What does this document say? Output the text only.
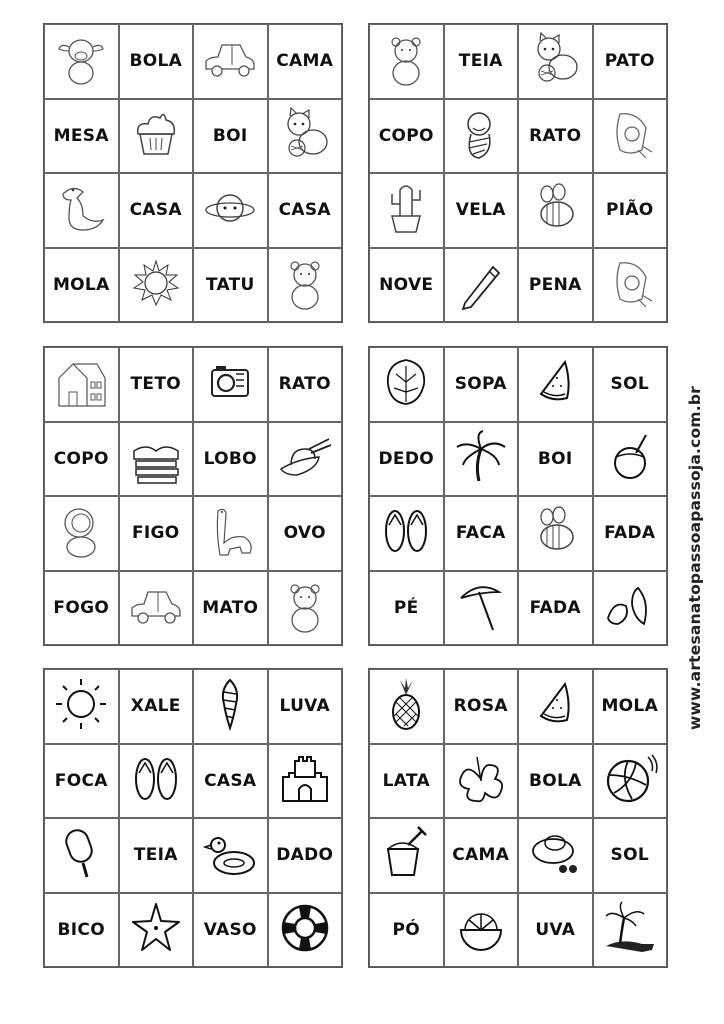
BOLA	CAMA
MESA	BOI
CASA	CASA
MOLA	TATU
TEIA	PATO
COPO	RATO
VELA	PIÃO
NOVE	PENA
TETO	RATO
COPO	LOBO
FIGO	OVO
FOGO	MATO
SOPA	SOL
DEDO	BOI
FACA	FADA
PÉ	FADA
XALE	LUVA
FOCA	CASA
TEIA	DADO
BICO	VASO
ROSA	MOLA
LATA	BOLA
CAMA	SOL
PÓ	UVA
www.artesanatopassoapassoja.com.br
